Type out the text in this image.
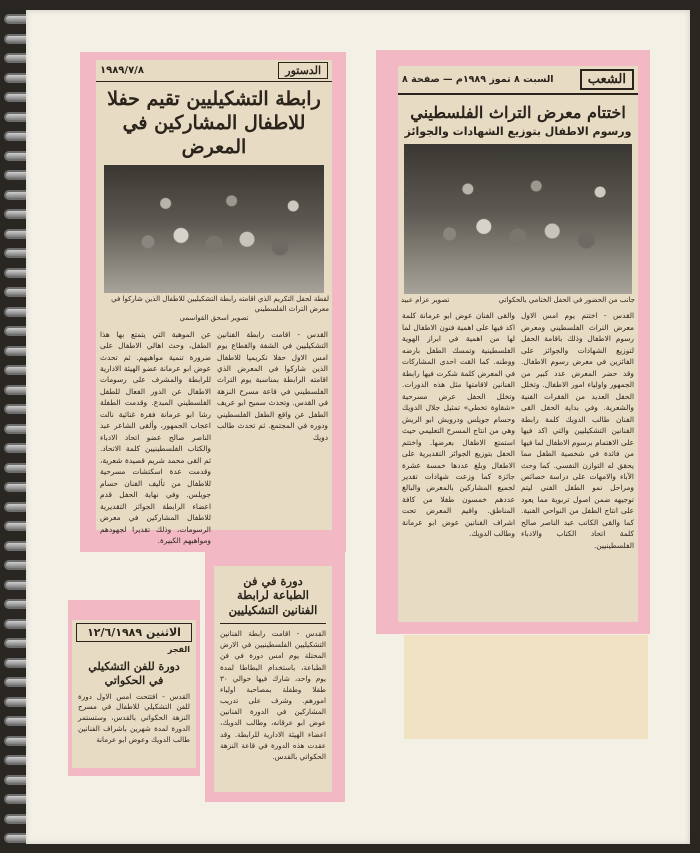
الدستور
١٩٨٩/٧/٨
رابطة التشكيليين تقيم حفلا
للاطفال المشاركين في المعرض
لقطة لحفل التكريم الذي اقامته رابطة التشكيليين للاطفال الذين شاركوا في معرض التراث الفلسطيني
تصوير اسحق القواسمي
القدس - اقامت رابطة الفنانين التشكيليين في الشفة والقطاع يوم امس الاول حفلا تكريميا للاطفال الذين شاركوا في المعرض الذي اقامته الرابطة بمناسبة يوم التراث الفلسطيني في قاعة مسرح النزهة في القدس. وتحدث سميح ابو عريف الطفل عن واقع الطفل الفلسطيني ودوره في المجتمع. ثم تحدث طالب دويك
عن الموهبة التي يتمتع بها هذا الطفل، وحث اهالي الاطفال على ضرورة تنمية مواهبهم. ثم تحدث عوض ابو عرمانة عضو الهيئة الادارية للرابطة والمشرف على رسومات الاطفال عن الدور الفعال للطفل الفلسطيني المبدع. وقدمت الطفلة رشا ابو عرمانة فقرة غنائية نالت اعجاب الجمهور، وألقى الشاعر عبد الناصر صالح عضو اتحاد الادباء والكتاب الفلسطينيين كلمة الاتحاد. ثم القى محمد شريم قصيدة شعرية، وقدمت عدة اسكتشات مسرحية للاطفال من تأليف الفنان حسام جويلس. وفي نهاية الحفل قدم اعضاء الرابطة الجوائز التقديرية للاطفال المشاركين في معرض الرسومات، وذلك تقديرا لجهودهم ومواهبهم الكبيرة.
الشعب
السبت ٨ تموز ١٩٨٩م — صفحة ٨
اختتام معرض التراث الفلسطيني
ورسوم الاطفال بتوزيع الشهادات والجوائز
جانب من الحضور في الحفل الختامي بالحكواتي
تصوير عزام عبيد
القدس - اختتم يوم امس الاول معرض التراث الفلسطيني ومعرض رسوم الاطفال وذلك باقامة الحفل لتوزيع الشهادات والجوائز على الفائزين في معرض رسوم الاطفال. وقد حضر المعرض عدد كبير من الجمهور واولياء امور الاطفال. وتخلل الحفل العديد من الفقرات الفنية والشعرية. وفي بداية الحفل القى الفنان طالب الدويك كلمة رابطة الفنانين التشكيليين والتي اكد فيها على الاهتمام برسوم الاطفال لما فيها من فائدة في شخصية الطفل مما يحقق له التوازن النفسي. كما وحث الآباء والامهات على دراسة خصائص ومراحل نمو الطفل الفني ليتم توجيهه ضمن اصول تربوية مما يعود على انتاج الطفل من النواحي الفنية. كما والقى الكاتب عبد الناصر صالح كلمة اتحاد الكتاب والادباء الفلسطينيين.
والقى الفنان عوض ابو عرمانة كلمة اكد فيها على اهمية فنون الاطفال لما لها من اهمية في ابراز الهوية الفلسطينية وتمسك الطفل بارضه ووطنه. كما القت احدى المشاركات في المعرض كلمة شكرت فيها رابطة الفنانين لاقامتها مثل هذه الدورات. وتخلل الحفل عرض مسرحية «شقاوة تخطي» تمثيل جلال الدويك وحسام جويلس ودرويش ابو الريش وهي من انتاج المسرح التعليمي حيث استمتع الاطفال بعرضها. واختتم الحفل بتوزيع الجوائز التقديرية على الاطفال وبلغ عددها خمسة عشرة جائزة كما وزعت شهادات تقدير لجميع المشاركين بالمعرض والبالغ عددهم خمسون طفلا من كافة المناطق. واقيم المعرض تحت اشراف الفنانين عوض ابو عرمانة وطالب الدويك.
الاثنين ١٢/٦/١٩٨٩
الفجر
دورة للفن التشكيلي في الحكواتي
القدس - افتتحت امس الاول دورة للفن التشكيلي للاطفال في مسرح النزهة الحكواتي بالقدس، وستستمر الدورة لمدة شهرين باشراف الفنانين طالب الدويك وعوض ابو عرمانة
دورة في فن
الطباعة لرابطة
الفنانين التشكيليين
القدس - اقامت رابطة الفنانين التشكيليين الفلسطينيين في الارض المحتلة يوم امس دورة في فن الطباعة، باستخدام البطاطا لمدة يوم واحد، شارك فيها حوالي ٣٠ طفلا وطفلة بمصاحبة اولياء امورهم. وشرف على تدريب المشاركين في الدورة الفنانين عوض ابو عرقانه، وطالب الدويك، اعضاء الهيئة الادارية للرابطة. وقد عقدت هذه الدورة في قاعة النزهة الحكواتي بالقدس.
